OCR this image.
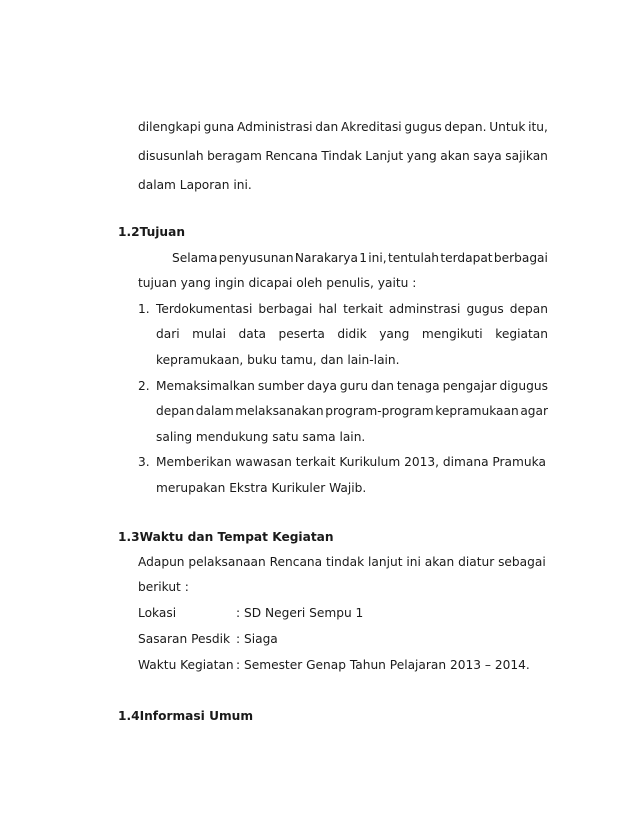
dilengkapi guna Administrasi dan Akreditasi gugus depan. Untuk itu,
disusunlah beragam Rencana Tindak Lanjut yang akan saya sajikan
dalam Laporan ini.
1.2Tujuan
Selama penyusunan Narakarya 1 ini, tentulah terdapat berbagai
tujuan yang ingin dicapai oleh penulis, yaitu :
1. Terdokumentasi berbagai hal terkait adminstrasi gugus depan
dari mulai data peserta didik yang mengikuti kegiatan
kepramukaan, buku tamu, dan lain-lain.
2. Memaksimalkan sumber daya guru dan tenaga pengajar digugus
depan dalam melaksanakan program-program kepramukaan agar
saling mendukung satu sama lain.
3. Memberikan wawasan terkait Kurikulum 2013, dimana Pramuka
merupakan Ekstra Kurikuler Wajib.
1.3Waktu dan Tempat Kegiatan
Adapun pelaksanaan Rencana tindak lanjut ini akan diatur sebagai
berikut :
Lokasi	: SD Negeri Sempu 1
Sasaran Pesdik : Siaga
Waktu Kegiatan : Semester Genap Tahun Pelajaran 2013 – 2014.
1.4Informasi Umum
